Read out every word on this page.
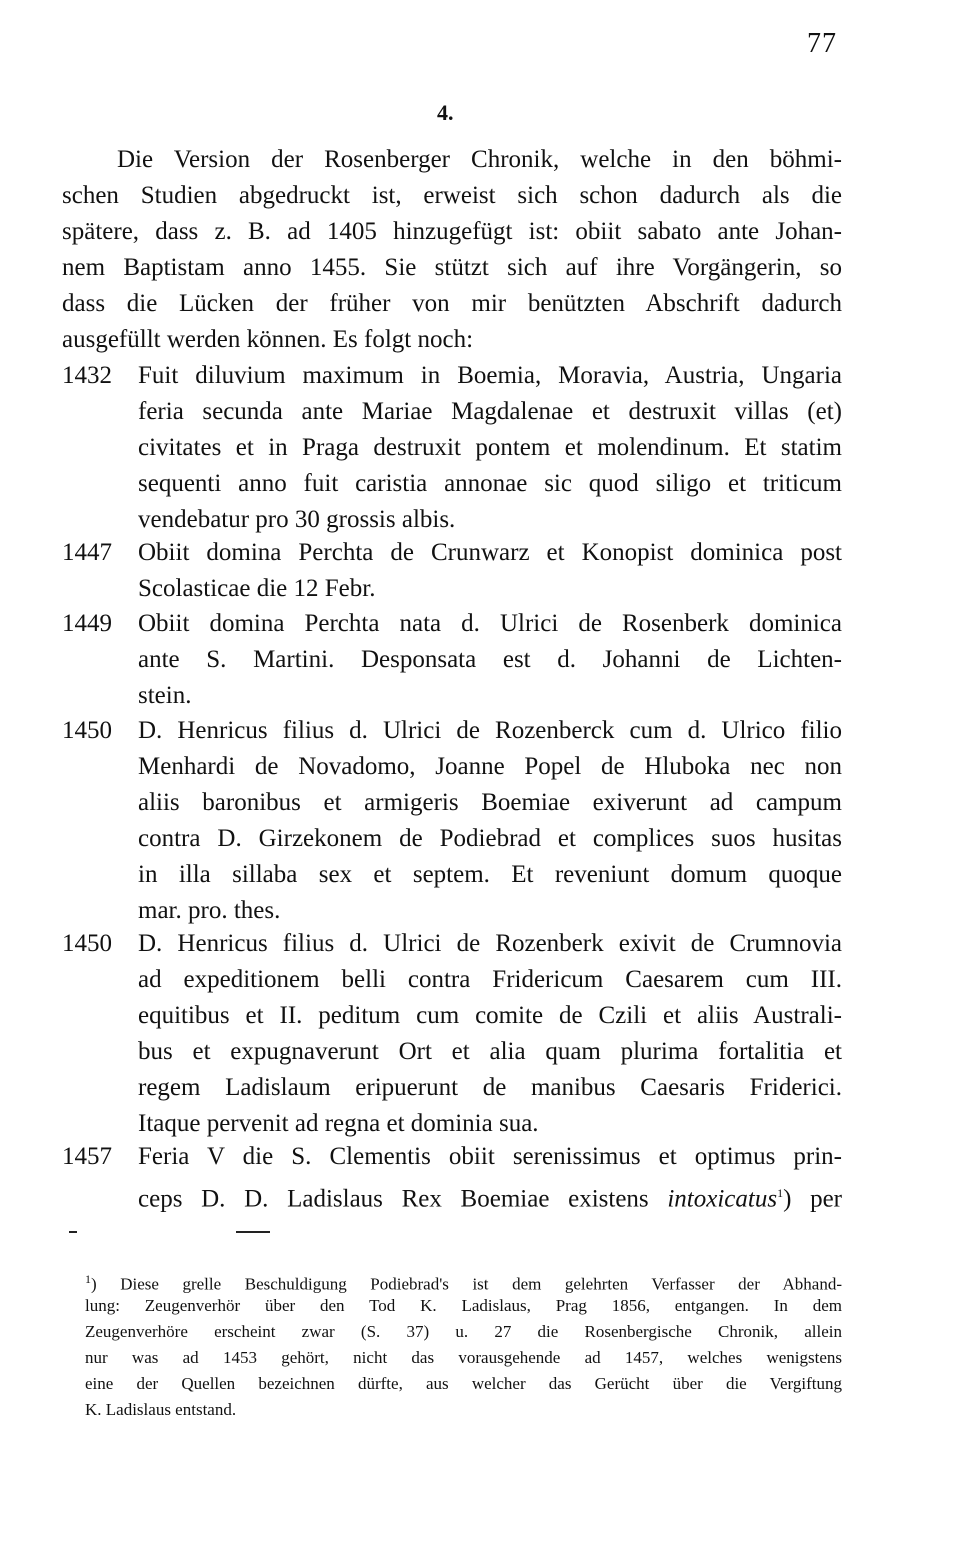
77
4.
Die Version der Rosenberger Chronik, welche in den böhmi-
schen Studien abgedruckt ist, erweist sich schon dadurch als die
spätere, dass z. B. ad 1405 hinzugefügt ist: obiit sabato ante Johan-
nem Baptistam anno 1455. Sie stützt sich auf ihre Vorgängerin, so
dass die Lücken der früher von mir benützten Abschrift dadurch
ausgefüllt werden können. Es folgt noch:
1432 Fuit diluvium maximum in Boemia, Moravia, Austria, Ungaria
feria secunda ante Mariae Magdalenae et destruxit villas (et)
civitates et in Praga destruxit pontem et molendinum. Et statim
sequenti anno fuit caristia annonae sic quod siligo et triticum
vendebatur pro 30 grossis albis.
1447 Obiit domina Perchta de Crunwarz et Konopist dominica post
Scolasticae die 12 Febr.
1449 Obiit domina Perchta nata d. Ulrici de Rosenberk dominica
ante S. Martini. Desponsata est d. Johanni de Lichten-
stein.
1450 D. Henricus filius d. Ulrici de Rozenberck cum d. Ulrico filio
Menhardi de Novadomo, Joanne Popel de Hluboka nec non
aliis baronibus et armigeris Boemiae exiverunt ad campum
contra D. Girzekonem de Podiebrad et complices suos husitas
in illa sillaba sex et septem. Et reveniunt domum quoque
mar. pro. thes.
1450 D. Henricus filius d. Ulrici de Rozenberk exivit de Crumnovia
ad expeditionem belli contra Fridericum Caesarem cum III.
equitibus et II. peditum cum comite de Czili et aliis Australi-
bus et expugnaverunt Ort et alia quam plurima fortalitia et
regem Ladislaum eripuerunt de manibus Caesaris Friderici.
Itaque pervenit ad regna et dominia sua.
1457 Feria V die S. Clementis obiit serenissimus et optimus prin-
ceps D. D. Ladislaus Rex Boemiae existens intoxicatus$^1$) per
$^1$) Diese grelle Beschuldigung Podiebrad's ist dem gelehrten Verfasser der Abhand-
lung: Zeugenverhör über den Tod K. Ladislaus, Prag 1856, entgangen. In dem
Zeugenverhöre erscheint zwar (S. 37) u. 27 die Rosenbergische Chronik, allein
nur was ad 1453 gehört, nicht das vorausgehende ad 1457, welches wenigstens
eine der Quellen bezeichnen dürfte, aus welcher das Gerücht über die Vergiftung
K. Ladislaus entstand.
